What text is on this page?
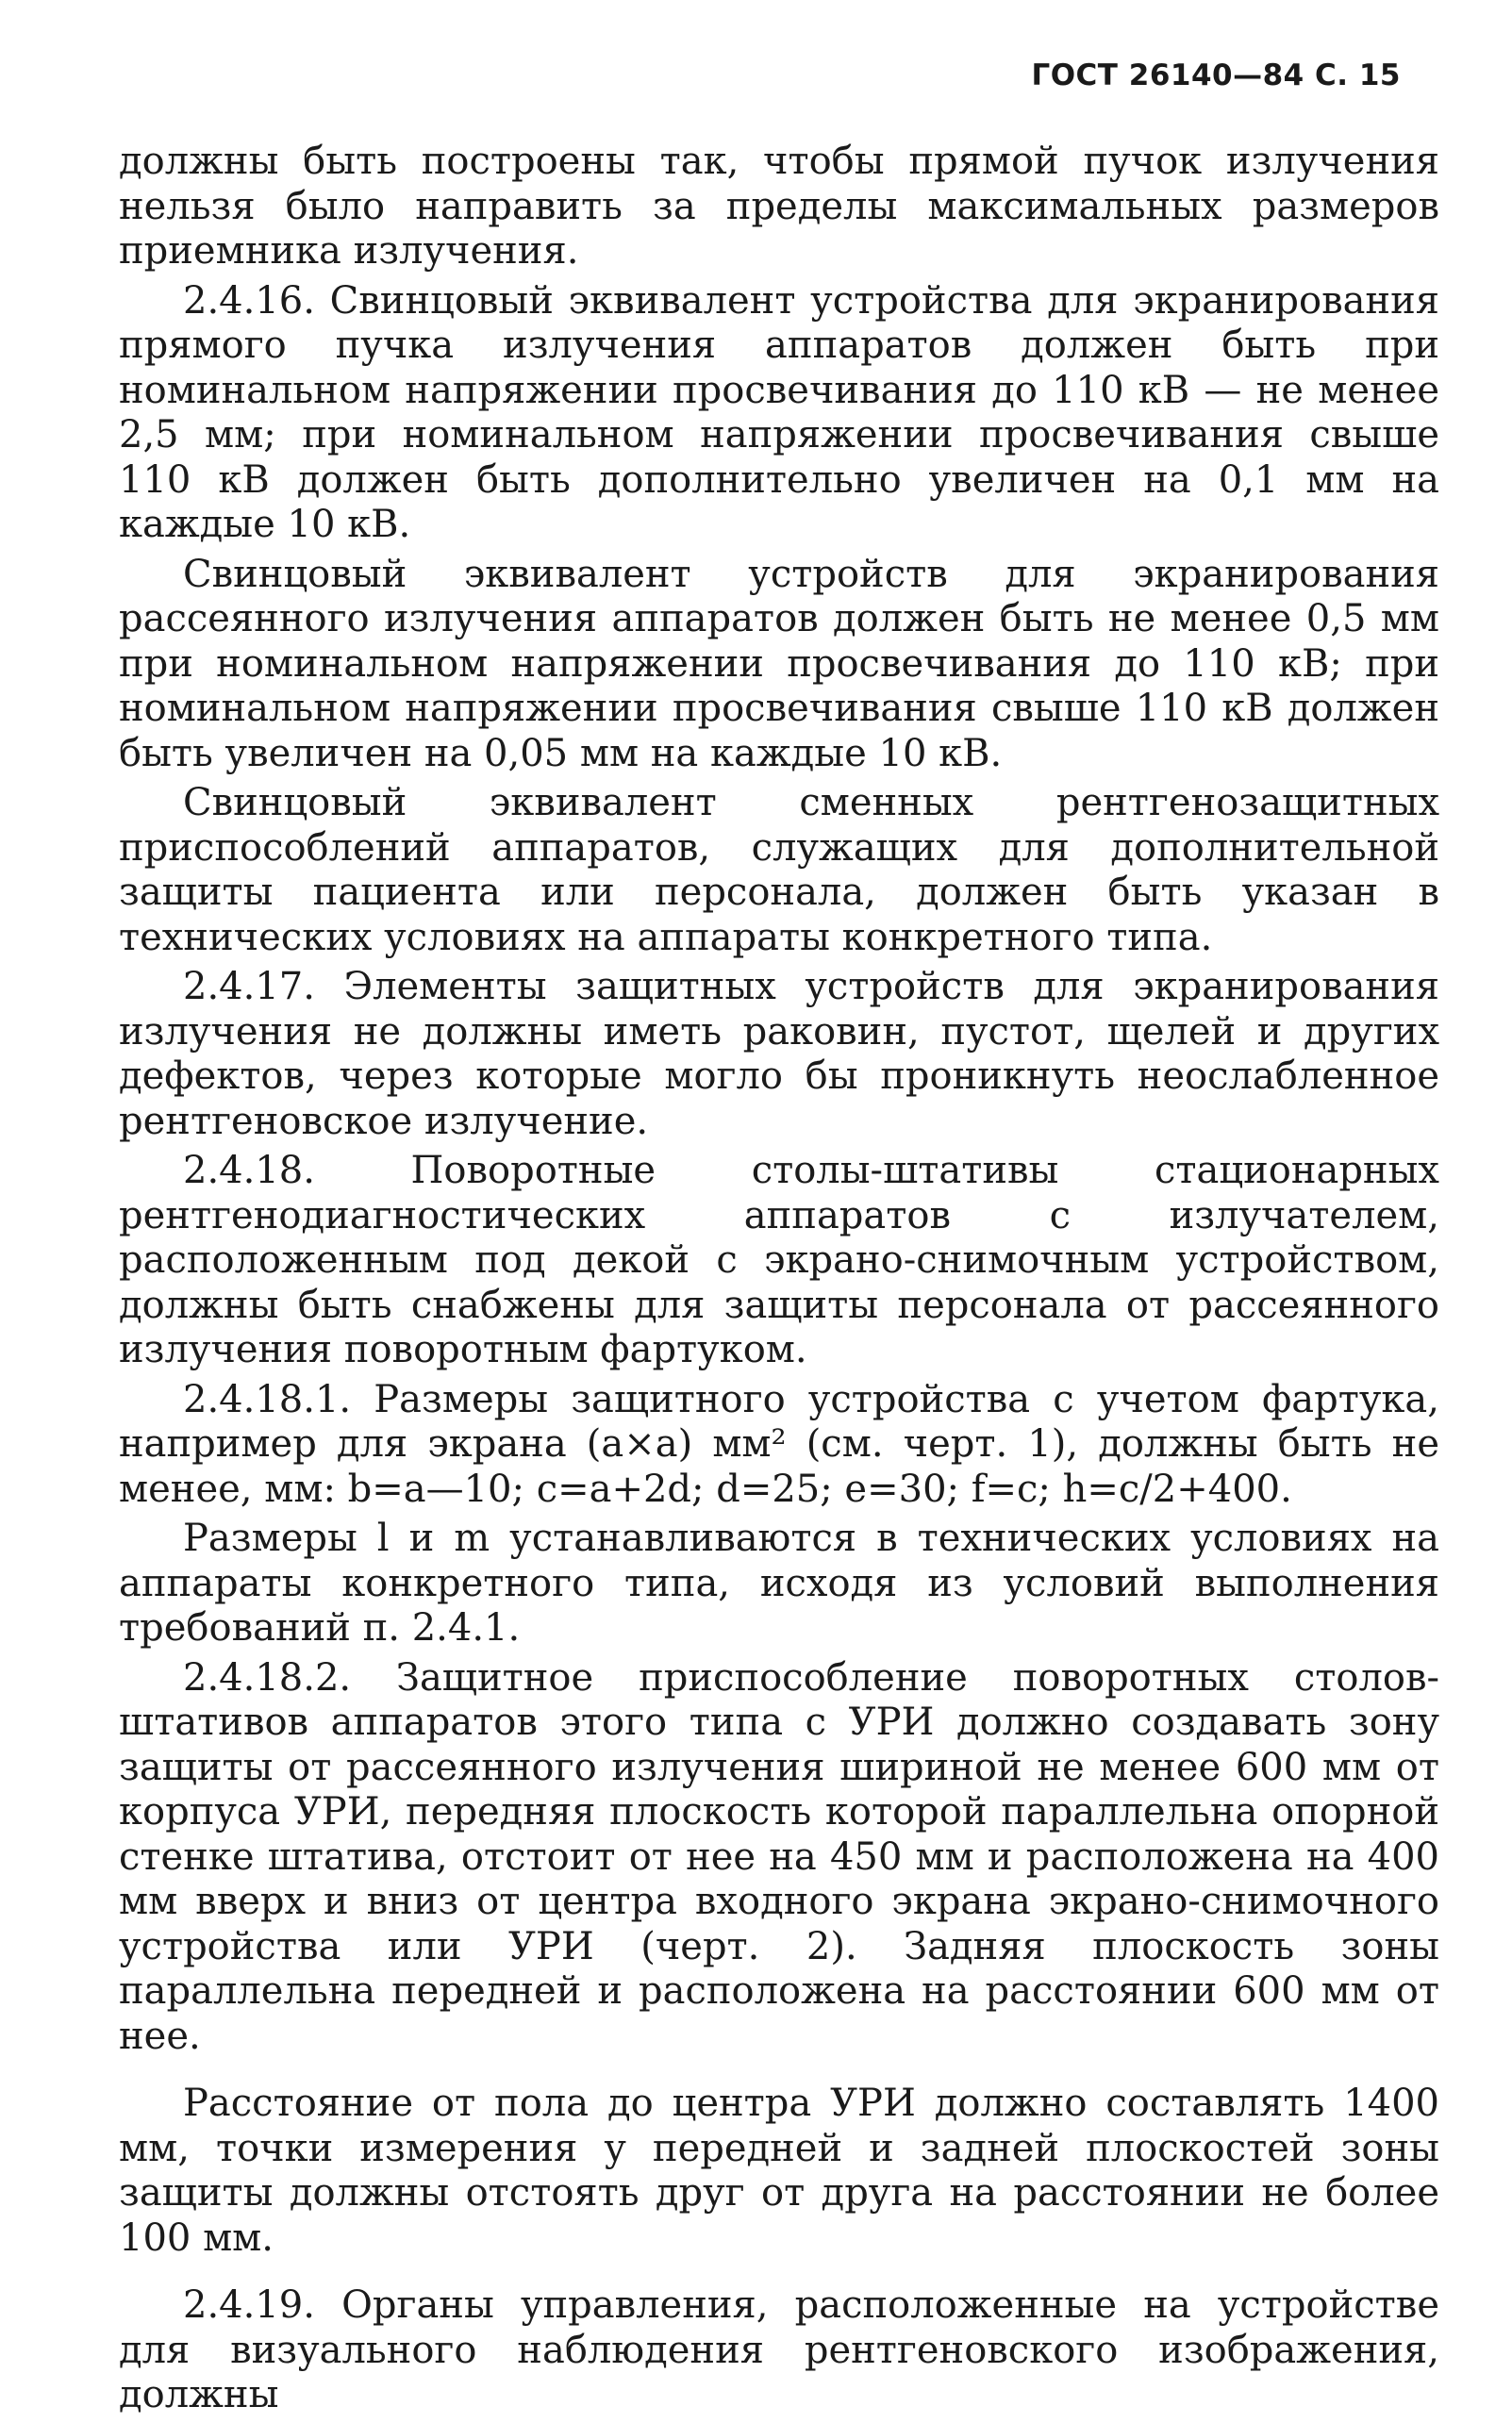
ГОСТ 26140—84 С. 15

должны быть построены так, чтобы прямой пучок излучения нельзя было направить за пределы максимальных размеров приемника излучения.

2.4.16. Свинцовый эквивалент устройства для экранирования прямого пучка излучения аппаратов должен быть при номинальном напряжении просвечивания до 110 кВ — не менее 2,5 мм; при номинальном напряжении просвечивания свыше 110 кВ должен быть дополнительно увеличен на 0,1 мм на каждые 10 кВ.

Свинцовый эквивалент устройств для экранирования рассеянного излучения аппаратов должен быть не менее 0,5 мм при номинальном напряжении просвечивания до 110 кВ; при номинальном напряжении просвечивания свыше 110 кВ должен быть увеличен на 0,05 мм на каждые 10 кВ.

Свинцовый эквивалент сменных рентгенозащитных приспособлений аппаратов, служащих для дополнительной защиты пациента или персонала, должен быть указан в технических условиях на аппараты конкретного типа.

2.4.17. Элементы защитных устройств для экранирования излучения не должны иметь раковин, пустот, щелей и других дефектов, через которые могло бы проникнуть неослабленное рентгеновское излучение.

2.4.18. Поворотные столы-штативы стационарных рентгенодиагностических аппаратов с излучателем, расположенным под декой с экрано-снимочным устройством, должны быть снабжены для защиты персонала от рассеянного излучения поворотным фартуком.

2.4.18.1. Размеры защитного устройства с учетом фартука, например для экрана (a×a) мм² (см. черт. 1), должны быть не менее, мм: b=a—10; c=a+2d; d=25; e=30; f=c; h=c/2+400.

Размеры l и m устанавливаются в технических условиях на аппараты конкретного типа, исходя из условий выполнения требований п. 2.4.1.

2.4.18.2. Защитное приспособление поворотных столов-штативов аппаратов этого типа с УРИ должно создавать зону защиты от рассеянного излучения шириной не менее 600 мм от корпуса УРИ, передняя плоскость которой параллельна опорной стенке штатива, отстоит от нее на 450 мм и расположена на 400 мм вверх и вниз от центра входного экрана экрано-снимочного устройства или УРИ (черт. 2). Задняя плоскость зоны параллельна передней и расположена на расстоянии 600 мм от нее.

Расстояние от пола до центра УРИ должно составлять 1400 мм, точки измерения у передней и задней плоскостей зоны защиты должны отстоять друг от друга на расстоянии не более 100 мм.

2.4.19. Органы управления, расположенные на устройстве для визуального наблюдения рентгеновского изображения, должны
